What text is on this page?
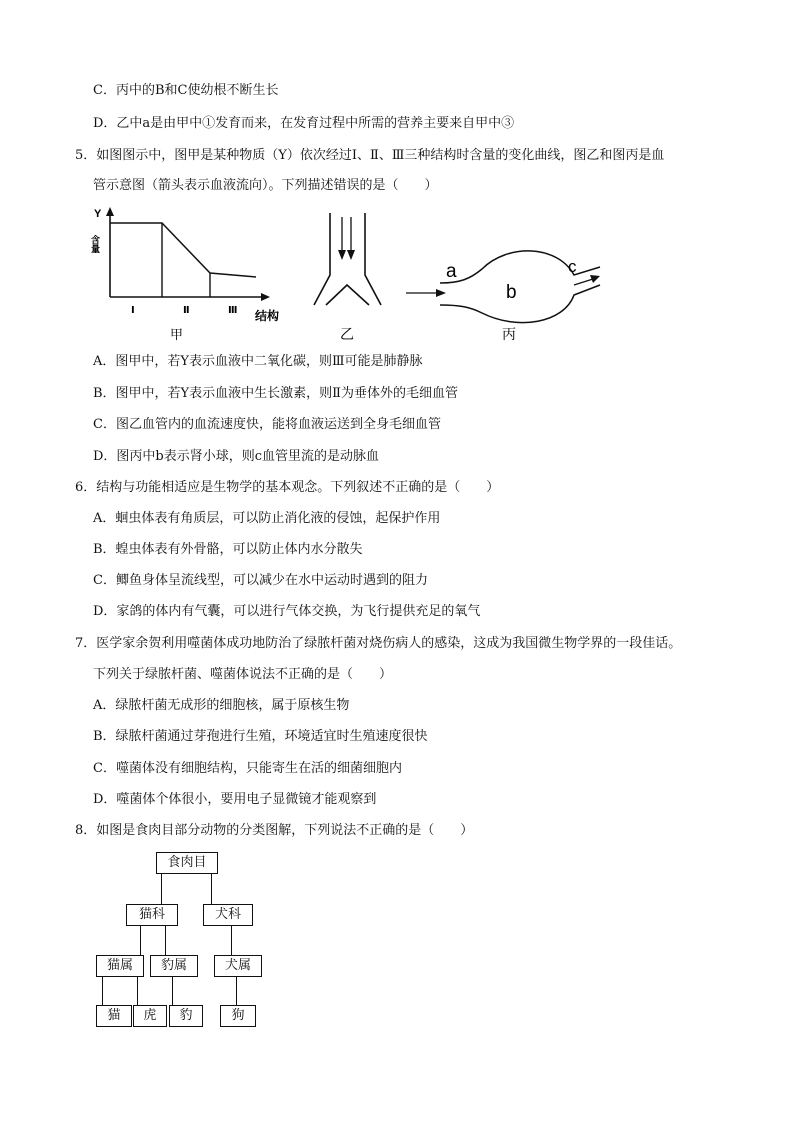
C．丙中的B和C使幼根不断生长
D．乙中a是由甲中①发育而来，在发育过程中所需的营养主要来自甲中③
5．如图图示中，图甲是某种物质（Y）依次经过Ⅰ、Ⅱ、Ⅲ三种结构时含量的变化曲线，图乙和图丙是血
管示意图（箭头表示血液流向）。下列描述错误的是（　　）
Y
含量
Ⅰ	Ⅱ	Ⅲ 结构
甲	乙
a
b
c
丙
A．图甲中，若Y表示血液中二氧化碳，则Ⅲ可能是肺静脉
B．图甲中，若Y表示血液中生长激素，则Ⅱ为垂体外的毛细血管
C．图乙血管内的血流速度快，能将血液运送到全身毛细血管
D．图丙中b表示肾小球，则c血管里流的是动脉血
6．结构与功能相适应是生物学的基本观念。下列叙述不正确的是（　　）
A．蛔虫体表有角质层，可以防止消化液的侵蚀，起保护作用
B．蝗虫体表有外骨骼，可以防止体内水分散失
C．鲫鱼身体呈流线型，可以减少在水中运动时遇到的阻力
D．家鸽的体内有气囊，可以进行气体交换，为飞行提供充足的氧气
7．医学家余贺利用噬菌体成功地防治了绿脓杆菌对烧伤病人的感染，这成为我国微生物学界的一段佳话。
下列关于绿脓杆菌、噬菌体说法不正确的是（　　）
A．绿脓杆菌无成形的细胞核，属于原核生物
B．绿脓杆菌通过芽孢进行生殖，环境适宜时生殖速度很快
C．噬菌体没有细胞结构，只能寄生在活的细菌细胞内
D．噬菌体个体很小，要用电子显微镜才能观察到
8．如图是食肉目部分动物的分类图解，下列说法不正确的是（　　）
食肉目
猫科	犬科
猫属	豹属	犬属
猫	虎	豹	狗
